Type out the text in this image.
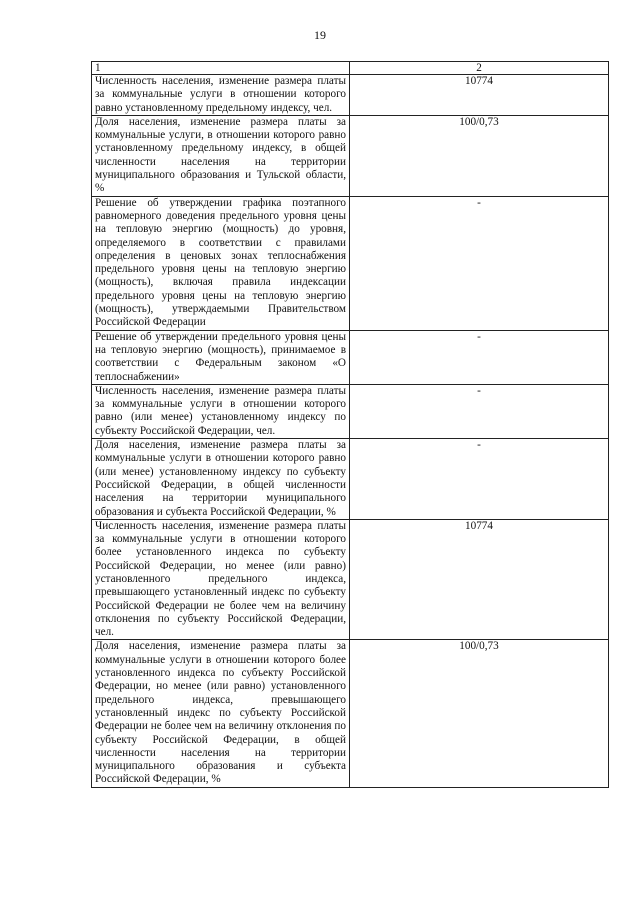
19
1	2
Численность населения, изменение размера платы за коммунальные услуги в отношении которого равно установленному предельному индексу, чел.	10774
Доля населения, изменение размера платы за коммунальные услуги, в отношении которого равно установленному предельному индексу, в общей численности населения на территории муниципального образования и Тульской области, %	100/0,73
Решение об утверждении графика поэтапного равномерного доведения предельного уровня цены на тепловую энергию (мощность) до уровня, определяемого в соответствии с правилами определения в ценовых зонах теплоснабжения предельного уровня цены на тепловую энергию (мощность), включая правила индексации предельного уровня цены на тепловую энергию (мощность), утверждаемыми Правительством Российской Федерации	-
Решение об утверждении предельного уровня цены на тепловую энергию (мощность), принимаемое в соответствии с Федеральным законом «О теплоснабжении»	-
Численность населения, изменение размера платы за коммунальные услуги в отношении которого равно (или менее) установленному индексу по субъекту Российской Федерации, чел.	-
Доля населения, изменение размера платы за коммунальные услуги в отношении которого равно (или менее) установленному индексу по субъекту Российской Федерации, в общей численности населения на территории муниципального образования и субъекта Российской Федерации, %	-
Численность населения, изменение размера платы за коммунальные услуги в отношении которого более установленного индекса по субъекту Российской Федерации, но менее (или равно) установленного предельного индекса, превышающего установленный индекс по субъекту Российской Федерации не более чем на величину отклонения по субъекту Российской Федерации, чел.	10774
Доля населения, изменение размера платы за коммунальные услуги в отношении которого более установленного индекса по субъекту Российской Федерации, но менее (или равно) установленного предельного индекса, превышающего установленный индекс по субъекту Российской Федерации не более чем на величину отклонения по субъекту Российской Федерации, в общей численности населения на территории муниципального образования и субъекта Российской Федерации, %	100/0,73
